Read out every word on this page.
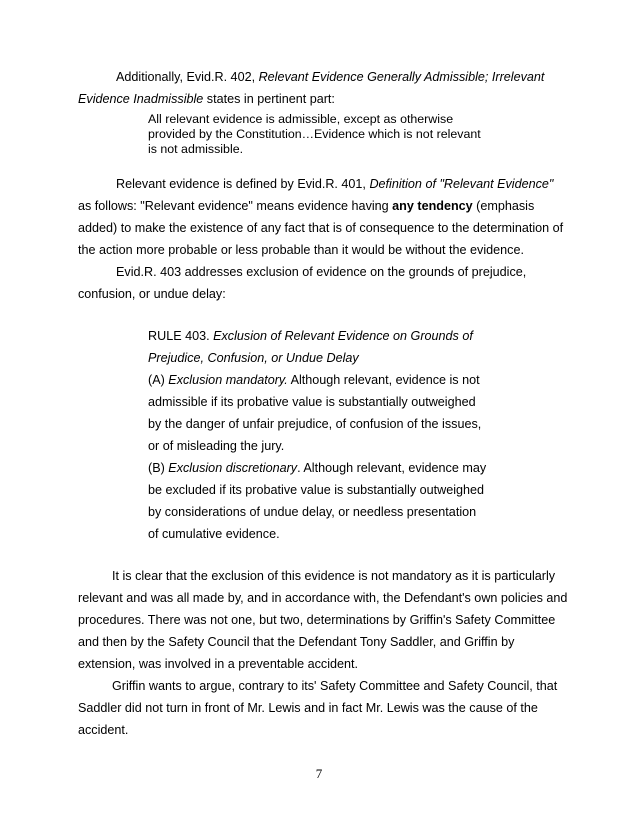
Additionally, Evid.R. 402, Relevant Evidence Generally Admissible; Irrelevant
Evidence Inadmissible states in pertinent part:
All relevant evidence is admissible, except as otherwise
provided by the Constitution…Evidence which is not relevant
is not admissible.
Relevant evidence is defined by Evid.R. 401, Definition of "Relevant Evidence"
as follows: "Relevant evidence" means evidence having any tendency (emphasis
added) to make the existence of any fact that is of consequence to the determination of
the action more probable or less probable than it would be without the evidence.
Evid.R. 403 addresses exclusion of evidence on the grounds of prejudice,
confusion, or undue delay:
RULE 403. Exclusion of Relevant Evidence on Grounds of
Prejudice, Confusion, or Undue Delay
(A) Exclusion mandatory. Although relevant, evidence is not
admissible if its probative value is substantially outweighed
by the danger of unfair prejudice, of confusion of the issues,
or of misleading the jury.
(B) Exclusion discretionary. Although relevant, evidence may
be excluded if its probative value is substantially outweighed
by considerations of undue delay, or needless presentation
of cumulative evidence.
It is clear that the exclusion of this evidence is not mandatory as it is particularly
relevant and was all made by, and in accordance with, the Defendant's own policies and
procedures. There was not one, but two, determinations by Griffin's Safety Committee
and then by the Safety Council that the Defendant Tony Saddler, and Griffin by
extension, was involved in a preventable accident.
Griffin wants to argue, contrary to its' Safety Committee and Safety Council, that
Saddler did not turn in front of Mr. Lewis and in fact Mr. Lewis was the cause of the
accident.
7
